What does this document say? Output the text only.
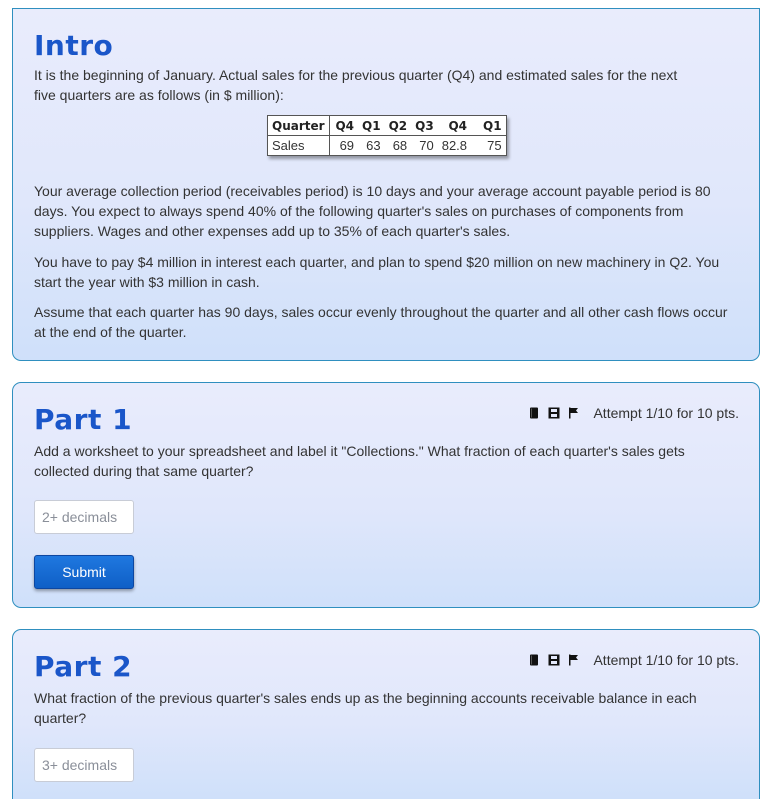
Intro

It is the beginning of January. Actual sales for the previous quarter (Q4) and estimated sales for the next five quarters are as follows (in $ million):

Quarter	Q4	Q1	Q2	Q3	Q4	Q1
Sales	69	63	68	70	82.8	75

Your average collection period (receivables period) is 10 days and your average account payable period is 80 days. You expect to always spend 40% of the following quarter's sales on purchases of components from suppliers. Wages and other expenses add up to 35% of each quarter's sales.

You have to pay $4 million in interest each quarter, and plan to spend $20 million on new machinery in Q2. You start the year with $3 million in cash.

Assume that each quarter has 90 days, sales occur evenly throughout the quarter and all other cash flows occur at the end of the quarter.

Part 1	Attempt 1/10 for 10 pts.

Add a worksheet to your spreadsheet and label it "Collections." What fraction of each quarter's sales gets collected during that same quarter?

2+ decimals
Submit
Part 2	Attempt 1/10 for 10 pts.

What fraction of the previous quarter's sales ends up as the beginning accounts receivable balance in each quarter?

3+ decimals
